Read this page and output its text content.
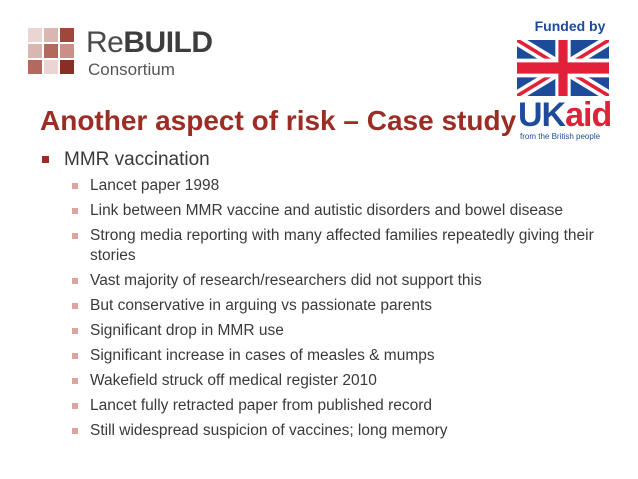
ReBUILD
Consortium
Funded by
UKaid
from the British people
Another aspect of risk – Case study
MMR vaccination
Lancet paper 1998
Link between MMR vaccine and autistic disorders and bowel disease
Strong media reporting with many affected families repeatedly giving their stories
Vast majority of research/researchers did not support this
But conservative in arguing vs passionate parents
Significant drop in MMR use
Significant increase in cases of measles & mumps
Wakefield struck off medical register 2010
Lancet fully retracted paper from published record
Still widespread suspicion of vaccines; long memory
